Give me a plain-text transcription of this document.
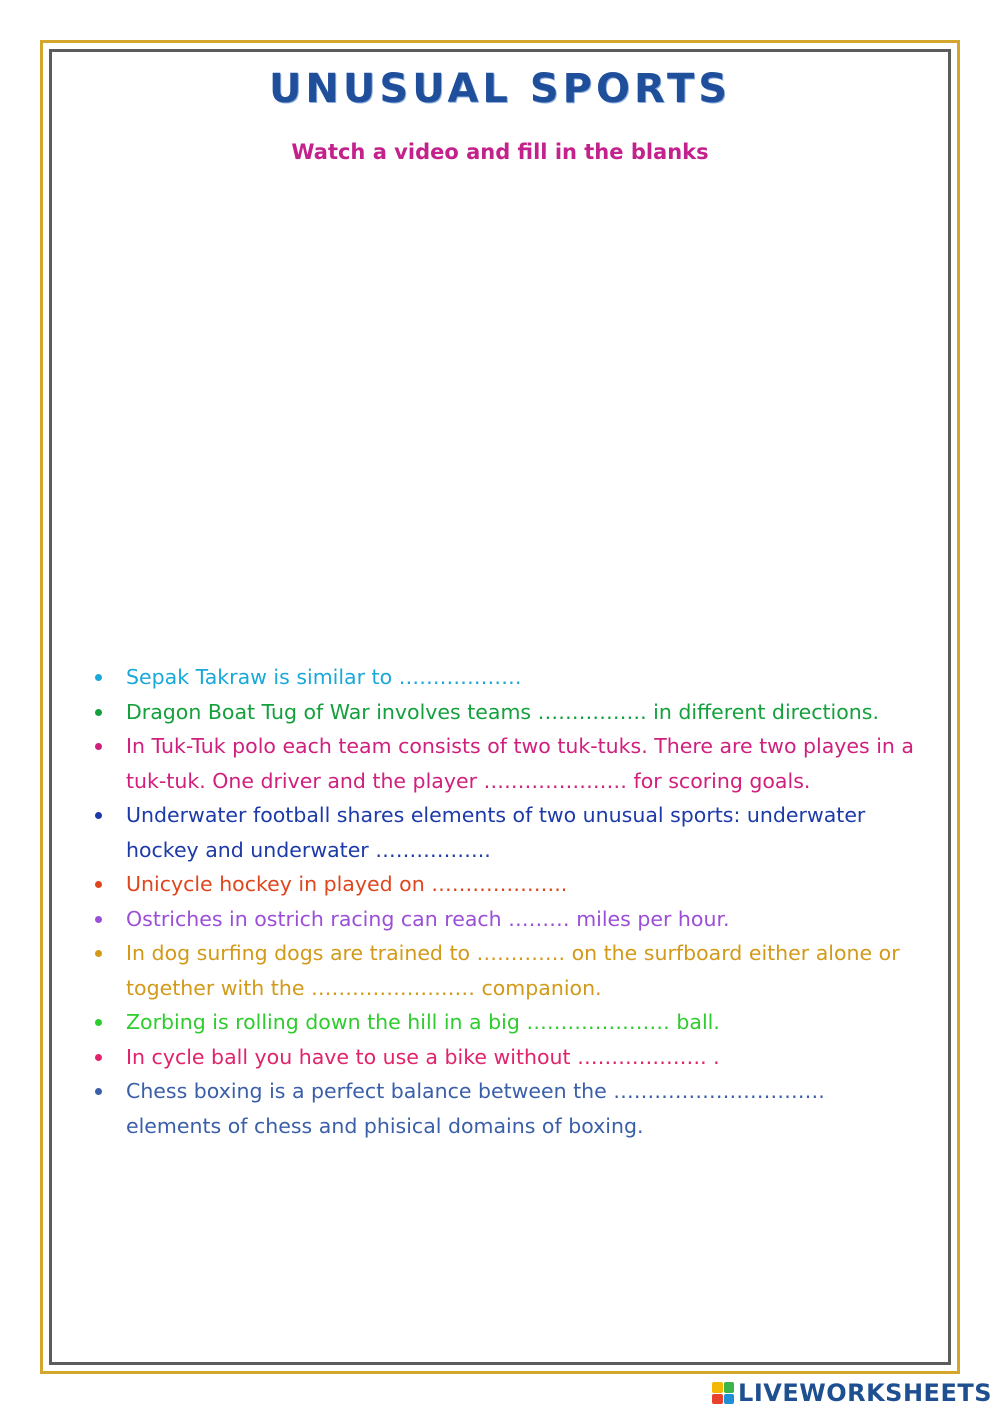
UNUSUAL SPORTS
Watch a video and fill in the blanks
Sepak Takraw is similar to ………………
Dragon Boat Tug of War involves teams ……………. in different directions.
In Tuk-Tuk polo each team consists of two tuk-tuks. There are two playes in a tuk-tuk. One driver and the player ………………… for scoring goals.
Underwater football shares elements of two unusual sports: underwater hockey and underwater ……………..
Unicycle hockey in played on ………………..
Ostriches in ostrich racing can reach ……… miles per hour.
In dog surfing dogs are trained to …………. on the surfboard either alone or together with the …………………… companion.
Zorbing is rolling down the hill in a big ………………… ball.
In cycle ball you have to use a bike without ………………. .
Chess boxing is a perfect balance between the …………………………. elements of chess and phisical domains of boxing.
LIVEWORKSHEETS
